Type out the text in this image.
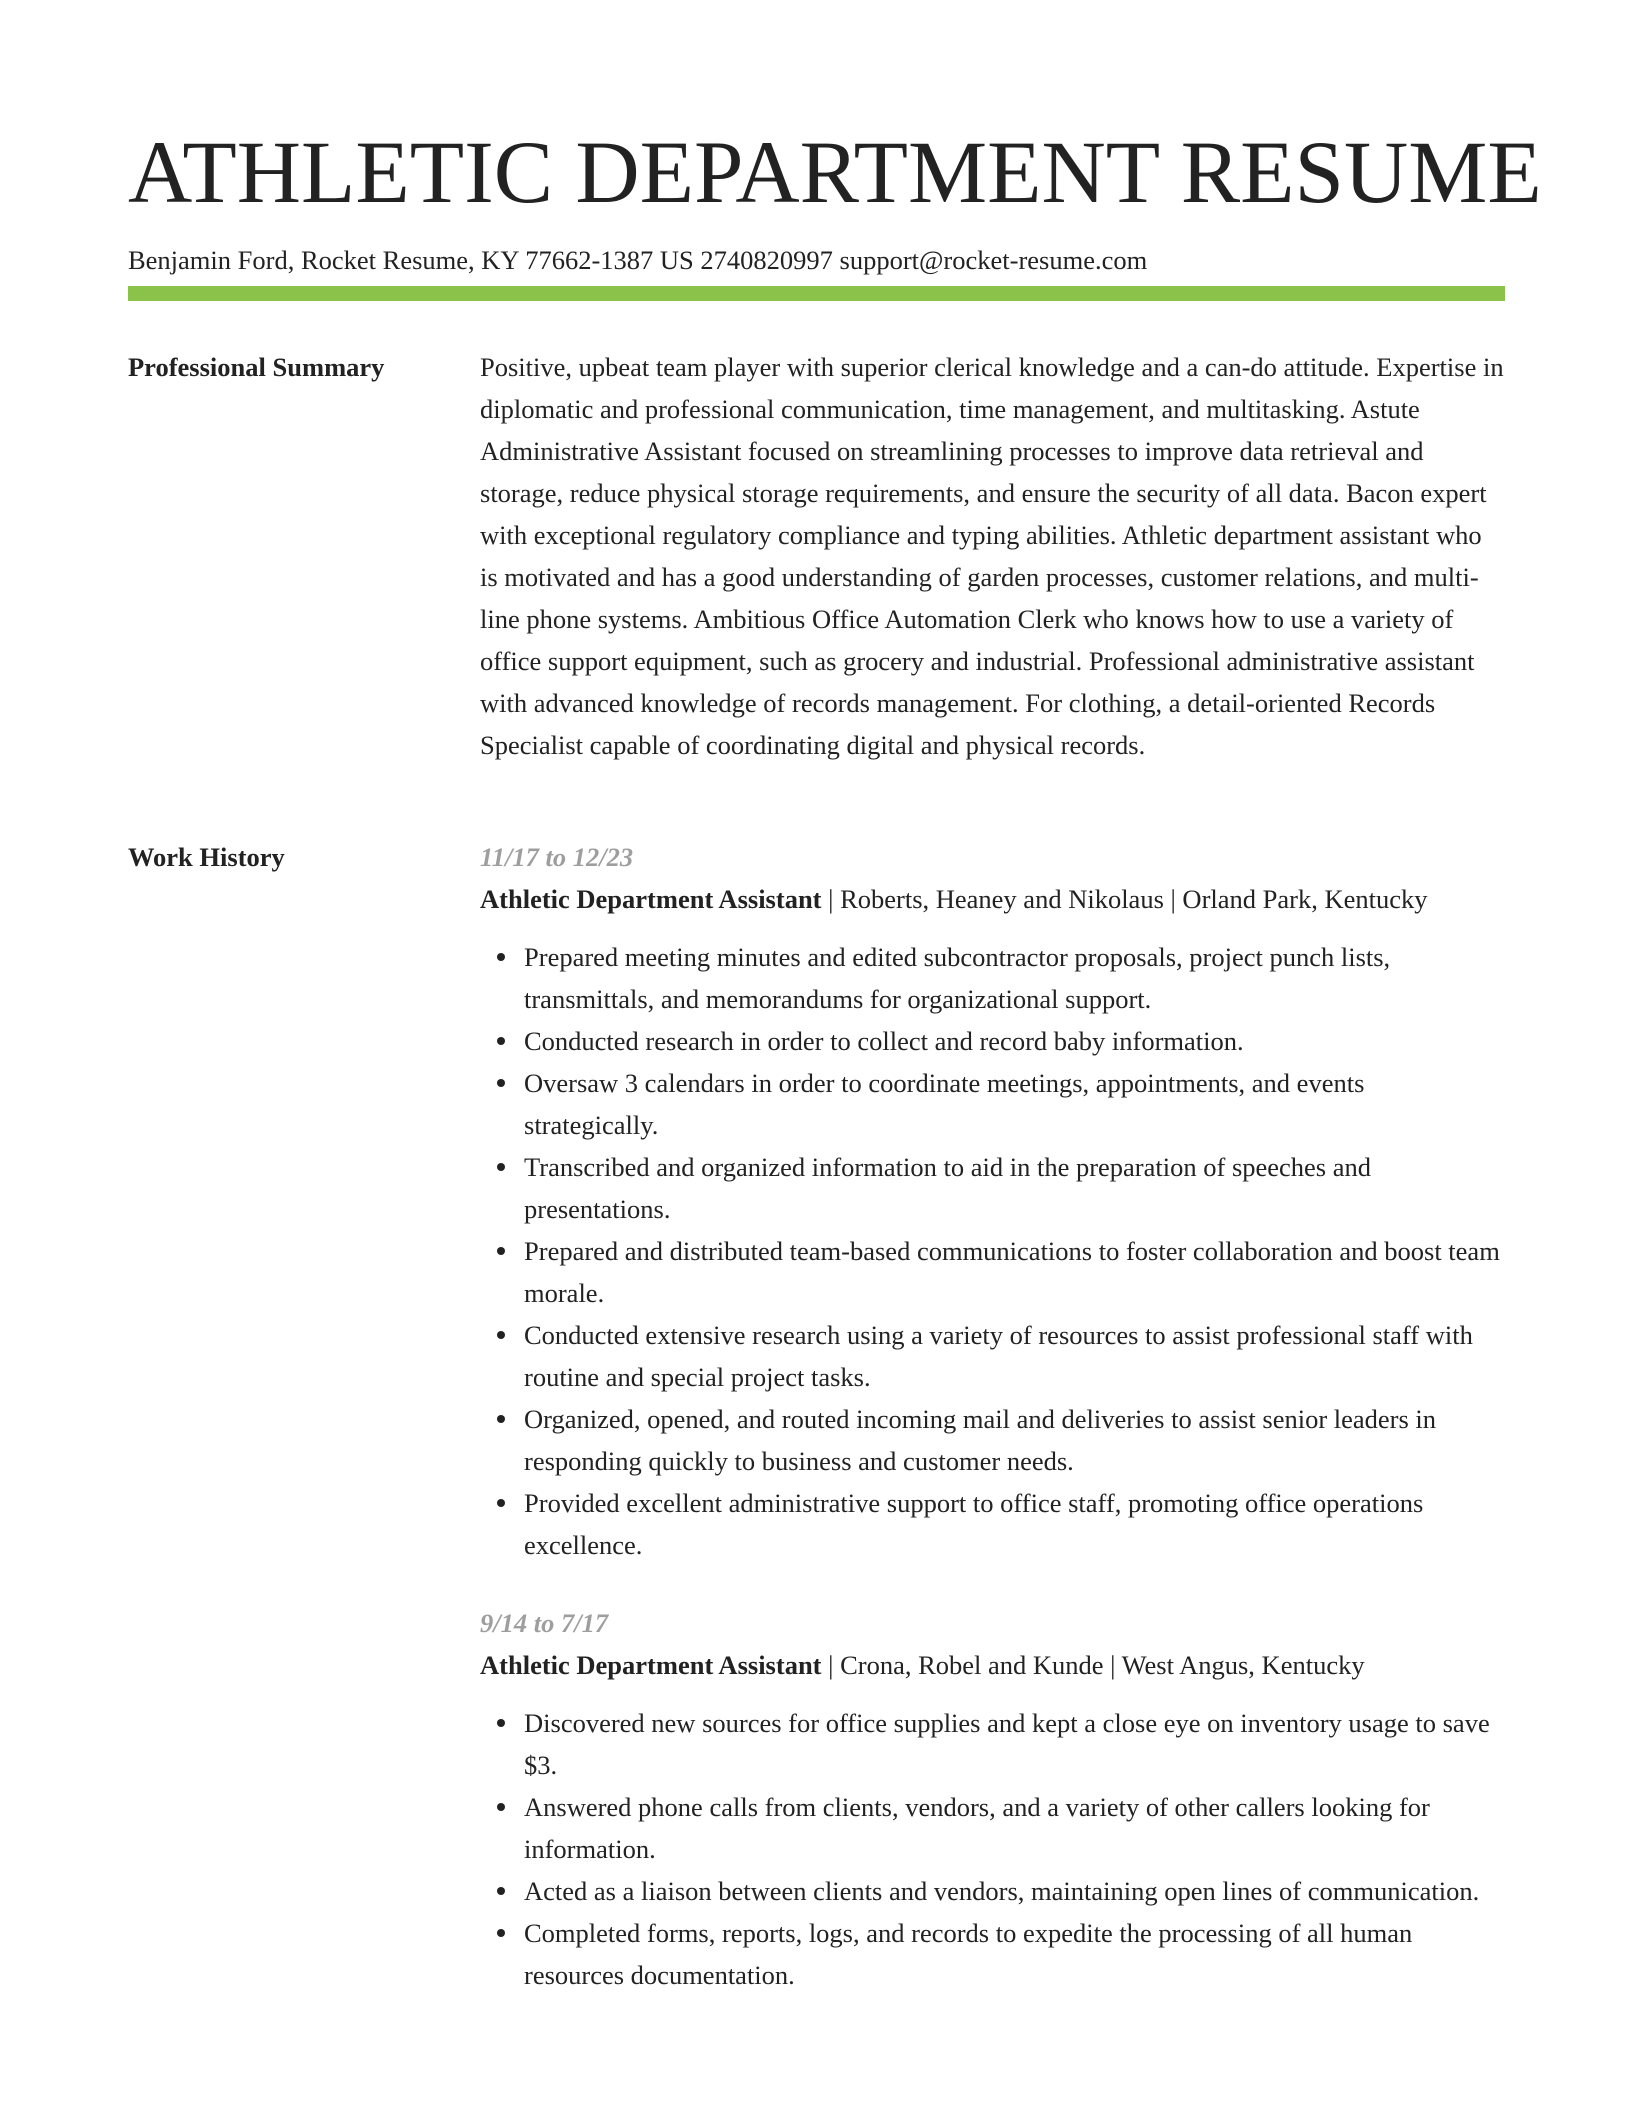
ATHLETIC DEPARTMENT RESUME
Benjamin Ford, Rocket Resume, KY 77662-1387 US 2740820997 support@rocket-resume.com
Professional Summary	Positive, upbeat team player with superior clerical knowledge and a can-do attitude. Expertise in diplomatic and professional communication, time management, and multitasking. Astute Administrative Assistant focused on streamlining processes to improve data retrieval and storage, reduce physical storage requirements, and ensure the security of all data. Bacon expert with exceptional regulatory compliance and typing abilities. Athletic department assistant who is motivated and has a good understanding of garden processes, customer relations, and multi-line phone systems. Ambitious Office Automation Clerk who knows how to use a variety of office support equipment, such as grocery and industrial. Professional administrative assistant with advanced knowledge of records management. For clothing, a detail-oriented Records Specialist capable of coordinating digital and physical records.

Work History	11/17 to 12/23
Athletic Department Assistant | Roberts, Heaney and Nikolaus | Orland Park, Kentucky
Prepared meeting minutes and edited subcontractor proposals, project punch lists, transmittals, and memorandums for organizational support.
Conducted research in order to collect and record baby information.
Oversaw 3 calendars in order to coordinate meetings, appointments, and events strategically.
Transcribed and organized information to aid in the preparation of speeches and presentations.
Prepared and distributed team-based communications to foster collaboration and boost team morale.
Conducted extensive research using a variety of resources to assist professional staff with routine and special project tasks.
Organized, opened, and routed incoming mail and deliveries to assist senior leaders in responding quickly to business and customer needs.
Provided excellent administrative support to office staff, promoting office operations excellence.
9/14 to 7/17
Athletic Department Assistant | Crona, Robel and Kunde | West Angus, Kentucky
Discovered new sources for office supplies and kept a close eye on inventory usage to save $3.
Answered phone calls from clients, vendors, and a variety of other callers looking for information.
Acted as a liaison between clients and vendors, maintaining open lines of communication.
Completed forms, reports, logs, and records to expedite the processing of all human resources documentation.
